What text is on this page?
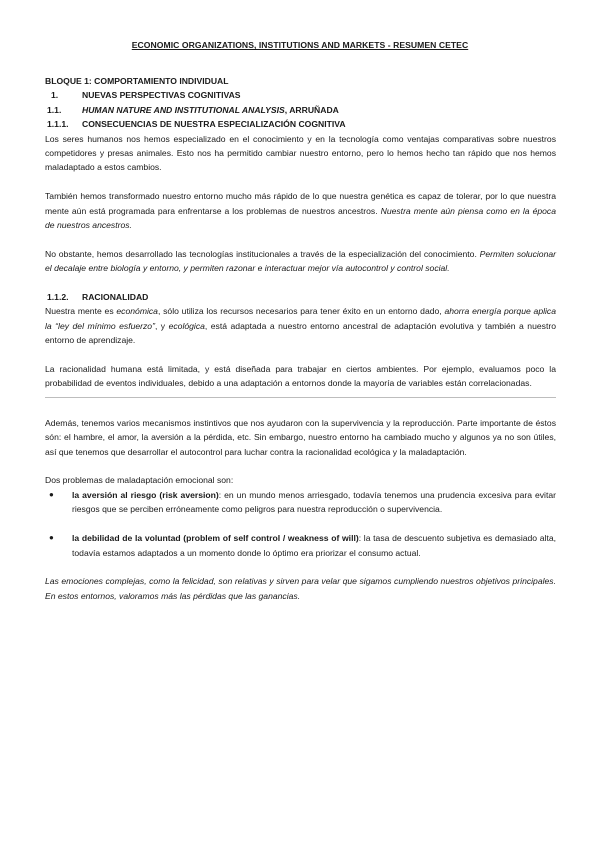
ECONOMIC ORGANIZATIONS, INSTITUTIONS AND MARKETS - RESUMEN CETEC
BLOQUE 1: COMPORTAMIENTO INDIVIDUAL
1.	NUEVAS PERSPECTIVAS COGNITIVAS
1.1. HUMAN NATURE AND INSTITUTIONAL ANALYSIS, ARRUÑADA
1.1.1. CONSECUENCIAS DE NUESTRA ESPECIALIZACIÓN COGNITIVA

Los seres humanos nos hemos especializado en el conocimiento y en la tecnología como ventajas comparativas sobre nuestros competidores y presas animales. Esto nos ha permitido cambiar nuestro entorno, pero lo hemos hecho tan rápido que nos hemos maladaptado a estos cambios.

También hemos transformado nuestro entorno mucho más rápido de lo que nuestra genética es capaz de tolerar, por lo que nuestra mente aún está programada para enfrentarse a los problemas de nuestros ancestros. Nuestra mente aún piensa como en la época de nuestros ancestros.

No obstante, hemos desarrollado las tecnologías institucionales a través de la especialización del conocimiento. Permiten solucionar el decalaje entre biología y entorno, y permiten razonar e interactuar mejor vía autocontrol y control social.

1.1.2. RACIONALIDAD

Nuestra mente es económica, sólo utiliza los recursos necesarios para tener éxito en un entorno dado, ahorra energía porque aplica la “ley del mínimo esfuerzo”, y ecológica, está adaptada a nuestro entorno ancestral de adaptación evolutiva y también a nuestro entorno de aprendizaje.

La racionalidad humana está limitada, y está diseñada para trabajar en ciertos ambientes. Por ejemplo, evaluamos poco la probabilidad de eventos individuales, debido a una adaptación a entornos donde la mayoría de variables están correlacionadas.

Además, tenemos varios mecanismos instintivos que nos ayudaron con la supervivencia y la reproducción. Parte importante de éstos són: el hambre, el amor, la aversión a la pérdida, etc. Sin embargo, nuestro entorno ha cambiado mucho y algunos ya no son útiles, así que tenemos que desarrollar el autocontrol para luchar contra la racionalidad ecológica y la maladaptación.

Dos problemas de maladaptación emocional son:

●	la aversión al riesgo (risk aversion): en un mundo menos arriesgado, todavía tenemos una prudencia excesiva para evitar riesgos que se perciben erróneamente como peligros para nuestra reproducción o supervivencia.
●	la debilidad de la voluntad (problem of self control / weakness of will): la tasa de descuento subjetiva es demasiado alta, todavía estamos adaptados a un momento donde lo óptimo era priorizar el consumo actual.

Las emociones complejas, como la felicidad, son relativas y sirven para velar que sigamos cumpliendo nuestros objetivos principales. En estos entornos, valoramos más las pérdidas que las ganancias.
